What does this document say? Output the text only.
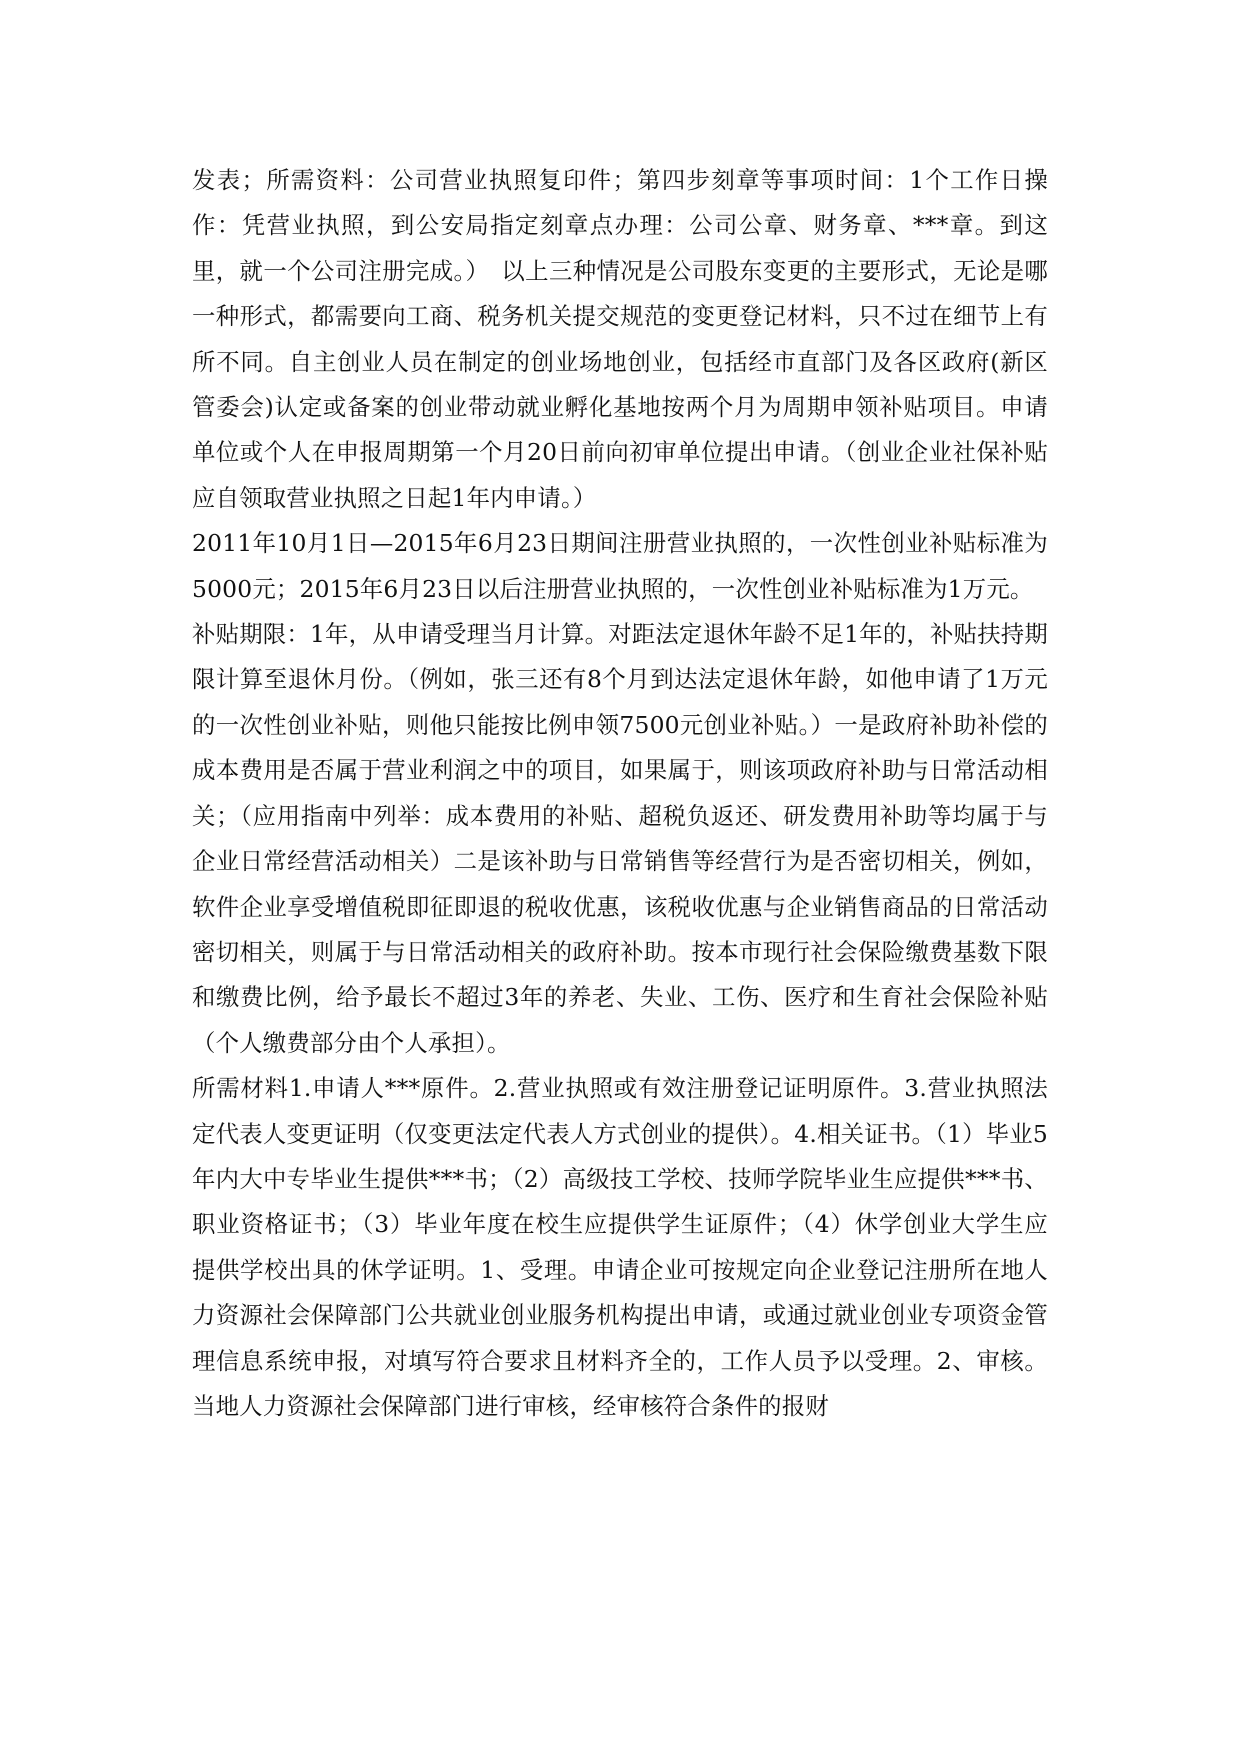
发表；所需资料：公司营业执照复印件；第四步刻章等事项时间：1个工作日操作：凭营业执照，到公安局指定刻章点办理：公司公章、财务章、***章。到这里，就一个公司注册完成。）　以上三种情况是公司股东变更的主要形式，无论是哪一种形式，都需要向工商、税务机关提交规范的变更登记材料，只不过在细节上有所不同。自主创业人员在制定的创业场地创业，包括经市直部门及各区政府(新区管委会)认定或备案的创业带动就业孵化基地按两个月为周期申领补贴项目。申请单位或个人在申报周期第一个月20日前向初审单位提出申请。（创业企业社保补贴应自领取营业执照之日起1年内申请。）

2011年10月1日—2015年6月23日期间注册营业执照的，一次性创业补贴标准为5000元；2015年6月23日以后注册营业执照的，一次性创业补贴标准为1万元。

补贴期限：1年，从申请受理当月计算。对距法定退休年龄不足1年的，补贴扶持期限计算至退休月份。（例如，张三还有8个月到达法定退休年龄，如他申请了1万元的一次性创业补贴，则他只能按比例申领7500元创业补贴。）一是政府补助补偿的成本费用是否属于营业利润之中的项目，如果属于，则该项政府补助与日常活动相关；（应用指南中列举：成本费用的补贴、超税负返还、研发费用补助等均属于与企业日常经营活动相关）二是该补助与日常销售等经营行为是否密切相关，例如，软件企业享受增值税即征即退的税收优惠，该税收优惠与企业销售商品的日常活动密切相关，则属于与日常活动相关的政府补助。按本市现行社会保险缴费基数下限和缴费比例，给予最长不超过3年的养老、失业、工伤、医疗和生育社会保险补贴（个人缴费部分由个人承担）。

所需材料1.申请人***原件。2.营业执照或有效注册登记证明原件。3.营业执照法定代表人变更证明（仅变更法定代表人方式创业的提供）。4.相关证书。（1）毕业5年内大中专毕业生提供***书；（2）高级技工学校、技师学院毕业生应提供***书、职业资格证书；（3）毕业年度在校生应提供学生证原件；（4）休学创业大学生应提供学校出具的休学证明。1、受理。申请企业可按规定向企业登记注册所在地人力资源社会保障部门公共就业创业服务机构提出申请，或通过就业创业专项资金管理信息系统申报，对填写符合要求且材料齐全的，工作人员予以受理。2、审核。当地人力资源社会保障部门进行审核，经审核符合条件的报财
